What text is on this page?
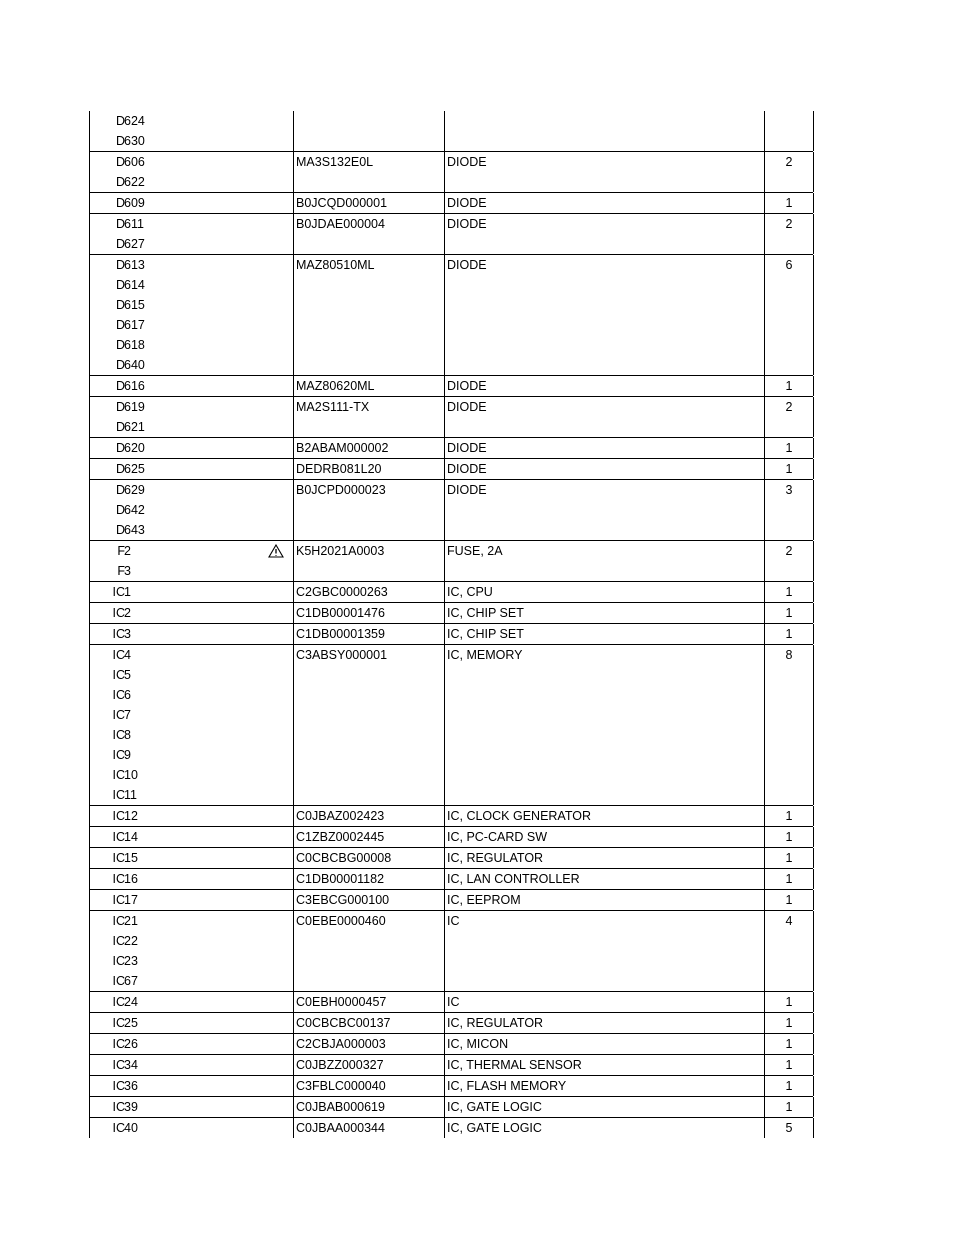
D 624
D 630
D 606	MA3S132E0L	DIODE	2
D 622
D 609	B0JCQD000001	DIODE	1
D 611	B0JDAE000004	DIODE	2
D 627
D 613	MAZ80510ML	DIODE	6
D 614
D 615
D 617
D 618
D 640
D 616	MAZ80620ML	DIODE	1
D 619	MA2S111-TX	DIODE	2
D 621
D 620	B2ABAM000002	DIODE	1
D 625	DEDRB081L20	DIODE	1
D 629	B0JCPD000023	DIODE	3
D 642
D 643
F 2	K5H2021A0003	FUSE, 2A	2
F 3
IC 1	C2GBC0000263	IC, CPU	1
IC 2	C1DB00001476	IC, CHIP SET	1
IC 3	C1DB00001359	IC, CHIP SET	1
IC 4	C3ABSY000001	IC, MEMORY	8
IC 5
IC 6
IC 7
IC 8
IC 9
IC 10
IC 11
IC 12	C0JBAZ002423	IC, CLOCK GENERATOR	1
IC 14	C1ZBZ0002445	IC, PC-CARD SW	1
IC 15	C0CBCBG00008	IC, REGULATOR	1
IC 16	C1DB00001182	IC, LAN CONTROLLER	1
IC 17	C3EBCG000100	IC, EEPROM	1
IC 21	C0EBE0000460	IC	4
IC 22
IC 23
IC 67
IC 24	C0EBH0000457	IC	1
IC 25	C0CBCBC00137	IC, REGULATOR	1
IC 26	C2CBJA000003	IC, MICON	1
IC 34	C0JBZZ000327	IC, THERMAL SENSOR	1
IC 36	C3FBLC000040	IC, FLASH MEMORY	1
IC 39	C0JBAB000619	IC, GATE LOGIC	1
IC 40	C0JBAA000344	IC, GATE LOGIC	5
